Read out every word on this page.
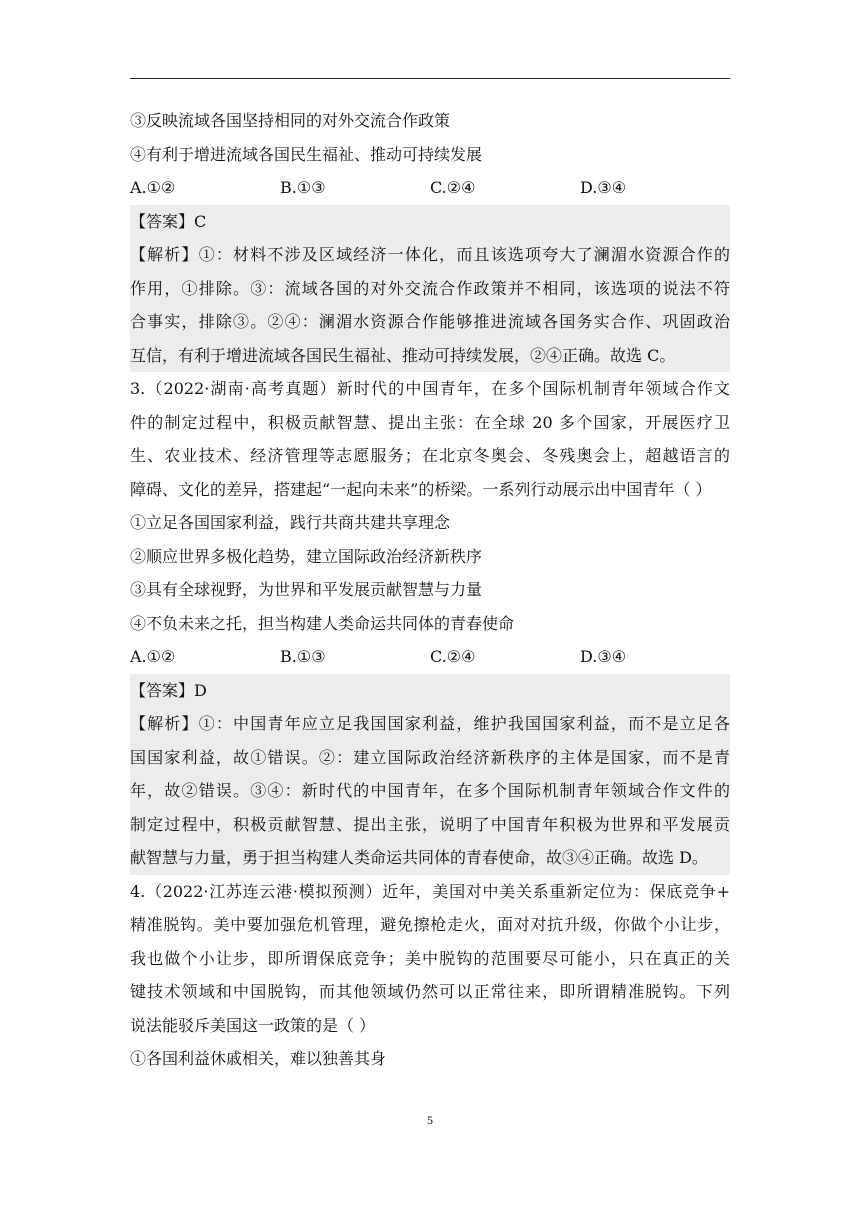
③反映流域各国坚持相同的对外交流合作政策
④有利于增进流域各国民生福祉、推动可持续发展
A.①②	B.①③	C.②④	D.③④
【答案】C
【解析】①：材料不涉及区域经济一体化，而且该选项夸大了澜湄水资源合作的
作用，①排除。③：流域各国的对外交流合作政策并不相同，该选项的说法不符
合事实，排除③。②④：澜湄水资源合作能够推进流域各国务实合作、巩固政治
互信，有利于增进流域各国民生福祉、推动可持续发展，②④正确。故选 C。
3.（2022·湖南·高考真题）新时代的中国青年，在多个国际机制青年领域合作文
件的制定过程中，积极贡献智慧、提出主张：在全球 20 多个国家，开展医疗卫
生、农业技术、经济管理等志愿服务；在北京冬奥会、冬残奥会上，超越语言的
障碍、文化的差异，搭建起“一起向未来”的桥梁。一系列行动展示出中国青年（ ）
①立足各国国家利益，践行共商共建共享理念
②顺应世界多极化趋势，建立国际政治经济新秩序
③具有全球视野，为世界和平发展贡献智慧与力量
④不负未来之托，担当构建人类命运共同体的青春使命
A.①②	B.①③	C.②④	D.③④
【答案】D
【解析】①：中国青年应立足我国国家利益，维护我国国家利益，而不是立足各
国国家利益，故①错误。②：建立国际政治经济新秩序的主体是国家，而不是青
年，故②错误。③④：新时代的中国青年，在多个国际机制青年领域合作文件的
制定过程中，积极贡献智慧、提出主张，说明了中国青年积极为世界和平发展贡
献智慧与力量，勇于担当构建人类命运共同体的青春使命，故③④正确。故选 D。
4.（2022·江苏连云港·模拟预测）近年，美国对中美关系重新定位为：保底竞争+
精准脱钩。美中要加强危机管理，避免擦枪走火，面对对抗升级，你做个小让步，
我也做个小让步，即所谓保底竞争；美中脱钩的范围要尽可能小，只在真正的关
键技术领域和中国脱钩，而其他领域仍然可以正常往来，即所谓精准脱钩。下列
说法能驳斥美国这一政策的是（ ）
①各国利益休戚相关，难以独善其身
5
